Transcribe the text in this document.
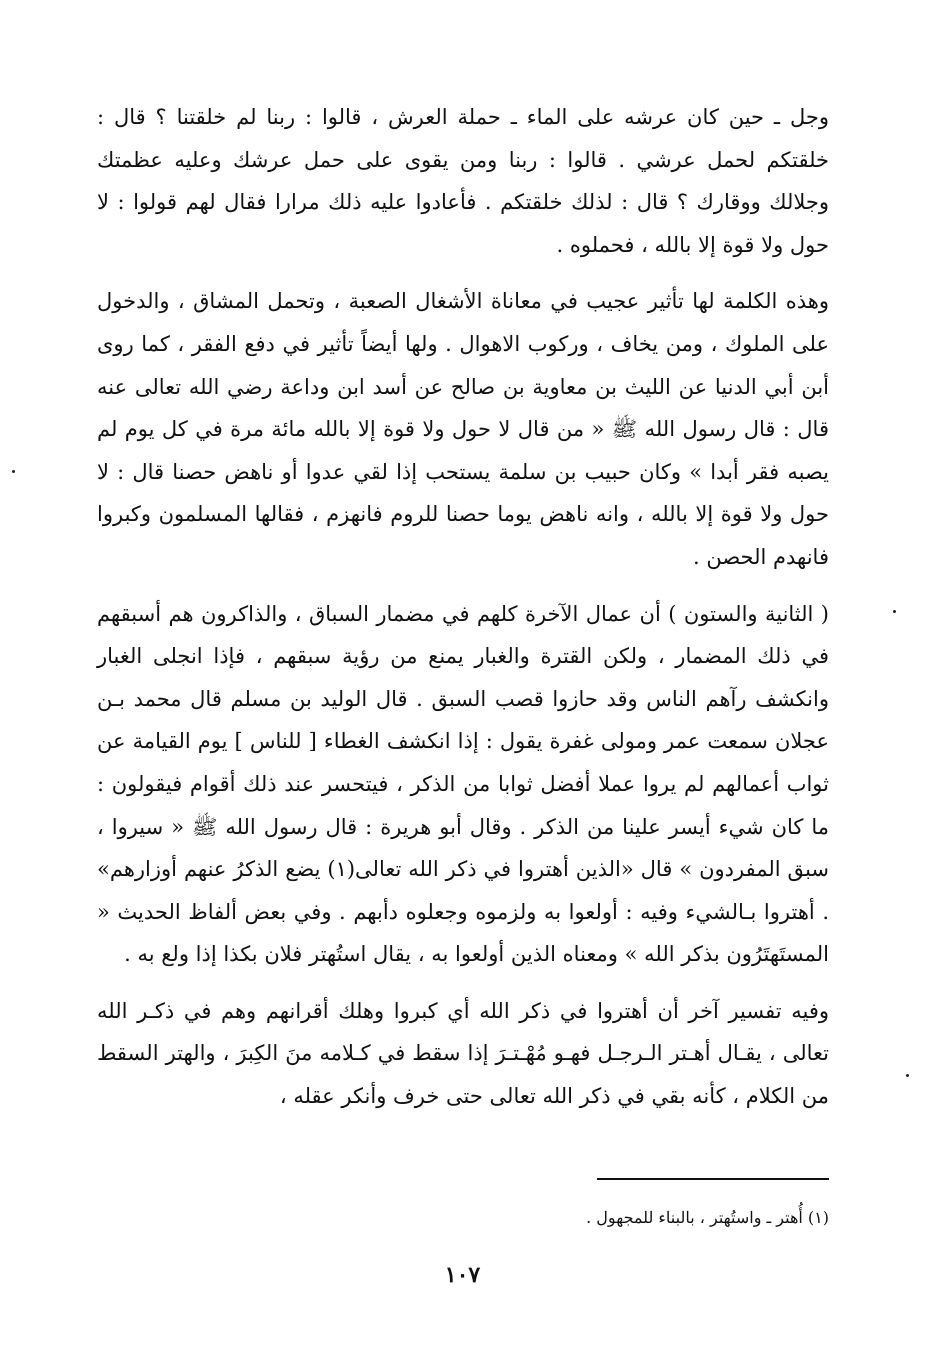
وجل ـ حين كان عرشه على الماء ـ حملة العرش ، قالوا : ربنا لم خلقتنا ؟ قال : خلقتكم لحمل عرشي . قالوا : ربنا ومن يقوى على حمل عرشك وعليه عظمتك وجلالك ووقارك ؟ قال : لذلك خلقتكم . فأعادوا عليه ذلك مرارا فقال لهم قولوا : لا حول ولا قوة إلا بالله ، فحملوه .

وهذه الكلمة لها تأثير عجيب في معاناة الأشغال الصعبة ، وتحمل المشاق ، والدخول على الملوك ، ومن يخاف ، وركوب الاهوال . ولها أيضاً تأثير في دفع الفقر ، كما روى أبن أبي الدنيا عن الليث بن معاوية بن صالح عن أسد ابن وداعة رضي الله تعالى عنه قال : قال رسول الله ﷺ « من قال لا حول ولا قوة إلا بالله مائة مرة في كل يوم لم يصبه فقر أبدا » وكان حبيب بن سلمة يستحب إذا لقي عدوا أو ناهض حصنا قال : لا حول ولا قوة إلا بالله ، وانه ناهض يوما حصنا للروم فانهزم ، فقالها المسلمون وكبروا فانهدم الحصن .

( الثانية والستون ) أن عمال الآخرة كلهم في مضمار السباق ، والذاكرون هم أسبقهم في ذلك المضمار ، ولكن القترة والغبار يمنع من رؤية سبقهم ، فإذا انجلى الغبار وانكشف رآهم الناس وقد حازوا قصب السبق . قال الوليد بن مسلم قال محمد بـن عجلان سمعت عمر ومولى غفرة يقول : إذا انكشف الغطاء [ للناس ] يوم القيامة عن ثواب أعمالهم لم يروا عملا أفضل ثوابا من الذكر ، فيتحسر عند ذلك أقوام فيقولون : ما كان شيء أيسر علينا من الذكر . وقال أبو هريرة : قال رسول الله ﷺ « سيروا ، سبق المفردون » قال «الذين أهتروا في ذكر الله تعالى(١) يضع الذكرُ عنهم أوزارهم» . أهتروا بـالشيء وفيه : أولعوا به ولزموه وجعلوه دأبهم . وفي بعض ألفاظ الحديث « المستَهتَرُون بذكر الله » ومعناه الذين أولعوا به ، يقال استُهتر فلان بكذا إذا ولع به .

وفيه تفسير آخر أن أهتروا في ذكر الله أي كبروا وهلك أقرانهم وهم في ذكـر الله تعالى ، يقـال أهـتر الـرجـل فهـو مُهْـتـرَ إذا سقط في كـلامه منَ الكِبرَ ، والهتر السقط من الكلام ، كأنه بقي في ذكر الله تعالى حتى خرف وأنكر عقله ،

(١) أُهتر ـ واستُهتر ، بالبناء للمجهول .
١٠٧
